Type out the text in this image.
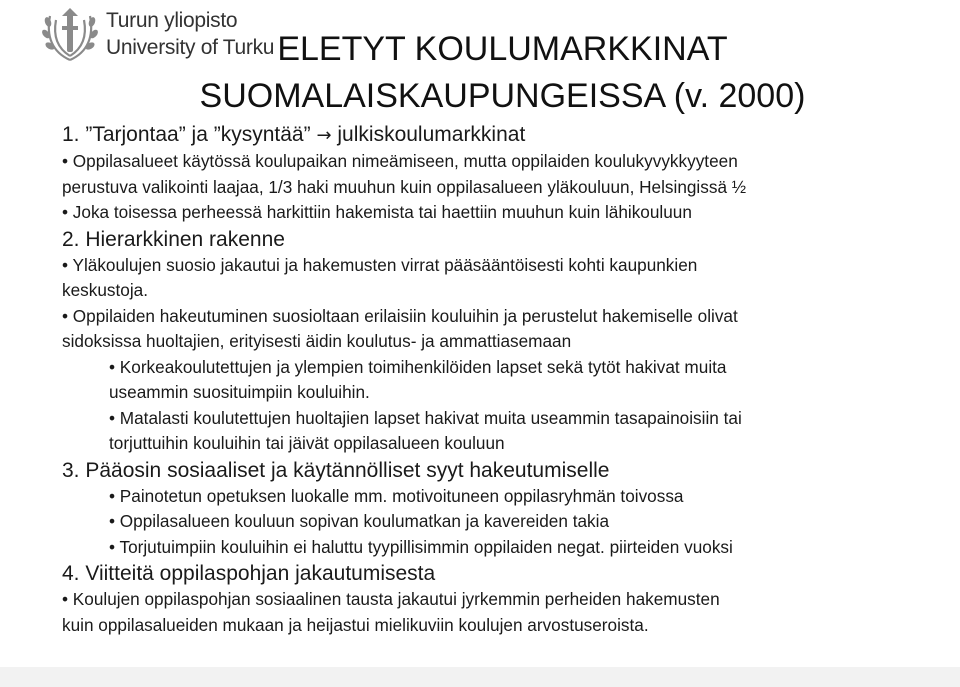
Turun yliopisto
University of Turku ELETYT KOULUMARKKINAT
SUOMALAISKAUPUNGEISSA (v. 2000)
1. ”Tarjontaa” ja ”kysyntää” → julkiskoulumarkkinat
• Oppilasalueet käytössä koulupaikan nimeämiseen, mutta oppilaiden koulukyvykkyyteen
perustuva valikointi laajaa, 1/3 haki muuhun kuin oppilasalueen yläkouluun, Helsingissä ½
• Joka toisessa perheessä harkittiin hakemista tai haettiin muuhun kuin lähikouluun
2. Hierarkkinen rakenne
• Yläkoulujen suosio jakautui ja hakemusten virrat pääsääntöisesti kohti kaupunkien
keskustoja.
• Oppilaiden hakeutuminen suosioltaan erilaisiin kouluihin ja perustelut hakemiselle olivat
sidoksissa huoltajien, erityisesti äidin koulutus- ja ammattiasemaan
• Korkeakoulutettujen ja ylempien toimihenkilöiden lapset sekä tytöt hakivat muita
useammin suosituimpiin kouluihin.
• Matalasti koulutettujen huoltajien lapset hakivat muita useammin tasapainoisiin tai
torjuttuihin kouluihin tai jäivät oppilasalueen kouluun
3. Pääosin sosiaaliset ja käytännölliset syyt hakeutumiselle
• Painotetun opetuksen luokalle mm. motivoituneen oppilasryhmän toivossa
• Oppilasalueen kouluun sopivan koulumatkan ja kavereiden takia
• Torjutuimpiin kouluihin ei haluttu tyypillisimmin oppilaiden negat. piirteiden vuoksi
4. Viitteitä oppilaspohjan jakautumisesta
• Koulujen oppilaspohjan sosiaalinen tausta jakautui jyrkemmin perheiden hakemusten
kuin oppilasalueiden mukaan ja heijastui mielikuviin koulujen arvostuseroista.
